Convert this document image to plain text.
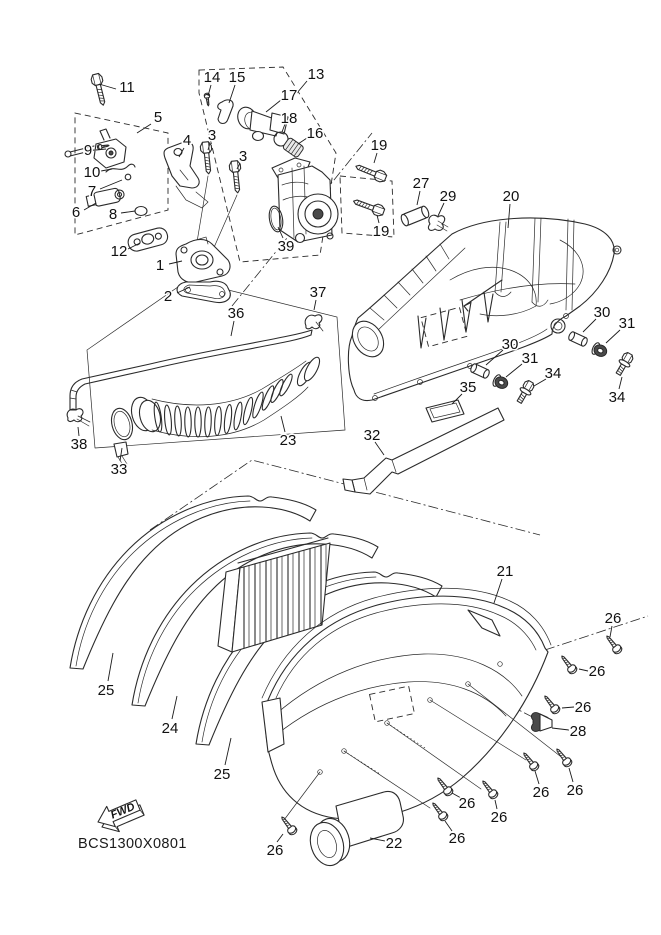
FWD
BCS1300X0801
11
5
14 15	13
17
18
16
9
10
7
6 8
4 3
3
12
1
2
39
19
19
27
29	20
37
36
38
33
23
30
31
34
30
31
34
35
32
25
24
25
21
26
26
26
28
26 26
26
26
26
26	22
